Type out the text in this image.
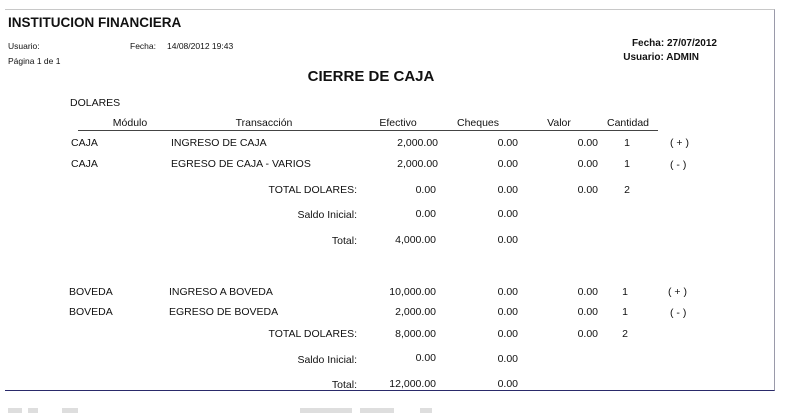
INSTITUCION FINANCIERA
Usuario:	Fecha: 14/08/2012 19:43
Página 1 de 1
Fecha: 27/07/2012
Usuario: ADMIN
CIERRE DE CAJA
DOLARES
Módulo	Transacción	Efectivo	Cheques	Valor	Cantidad
CAJA	INGRESO DE CAJA	2,000.00	0.00	0.00	1	( + )
CAJA	EGRESO DE CAJA - VARIOS	2,000.00	0.00	0.00	1	( - )
TOTAL DOLARES:	0.00	0.00	0.00	2
Saldo Inicial:	0.00	0.00
Total:	4,000.00	0.00
BOVEDA	INGRESO A BOVEDA	10,000.00	0.00	0.00	1	( + )
BOVEDA	EGRESO DE BOVEDA	2,000.00	0.00	0.00	1	( - )
TOTAL DOLARES:	8,000.00	0.00	0.00	2
Saldo Inicial:	0.00	0.00
Total:	12,000.00	0.00
